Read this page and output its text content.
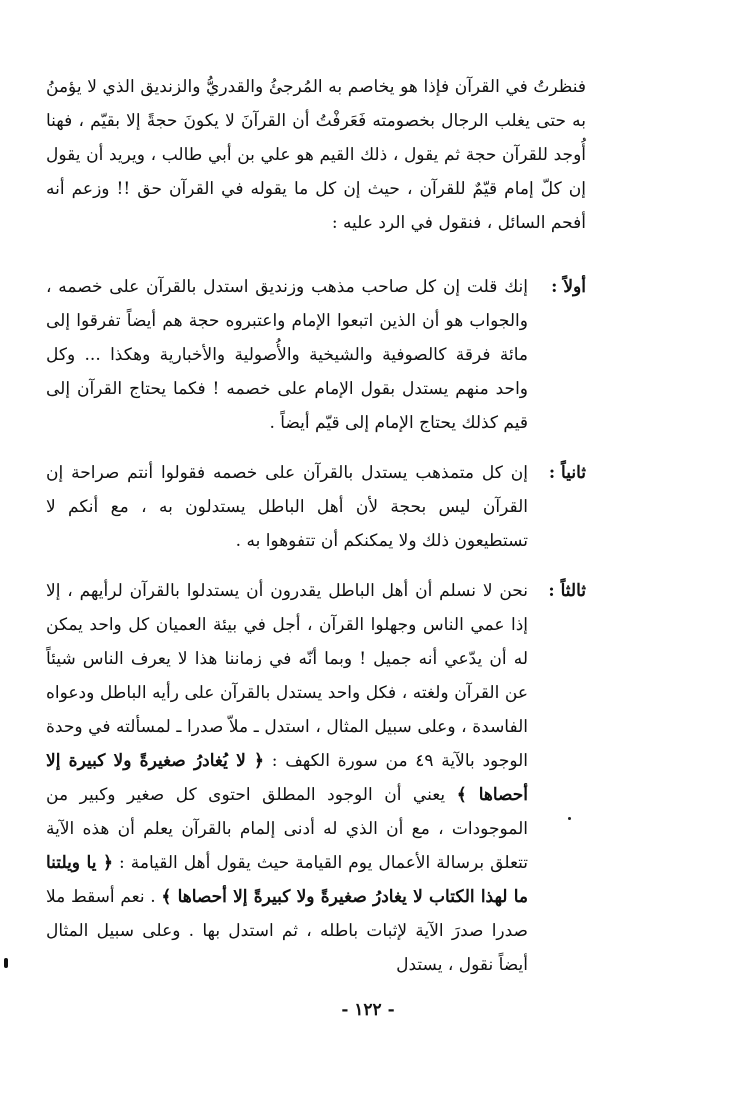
فنظرتُ في القرآن فإذا هو يخاصم به المُرجئُ والقدريُّ والزنديق الذي لا يؤمنُ به حتى يغلب الرجال بخصومته فَعَرفْتُ أن القرآنَ لا يكونَ حجةً إلا بقيّم ، فهنا أُوجد للقرآن حجة ثم يقول ، ذلك القيم هو علي بن أبي طالب ، ويريد أن يقول إن كلّ إمام قيّمٌ للقرآن ، حيث إن كل ما يقوله في القرآن حق !! وزعم أنه أفحم السائل ، فنقول في الرد عليه :

أولاً :
إنك قلت إن كل صاحب مذهب وزنديق استدل بالقرآن على خصمه ، والجواب هو أن الذين اتبعوا الإمام واعتبروه حجة هم أيضاً تفرقوا إلى مائة فرقة كالصوفية والشيخية والأُصولية والأخبارية وهكذا ... وكل واحد منهم يستدل بقول الإمام على خصمه ! فكما يحتاج القرآن إلى قيم كذلك يحتاج الإمام إلى قيّم أيضاً .
ثانياً :
إن كل متمذهب يستدل بالقرآن على خصمه فقولوا أنتم صراحة إن القرآن ليس بحجة لأن أهل الباطل يستدلون به ، مع أنكم لا تستطيعون ذلك ولا يمكنكم أن تتفوهوا به .
ثالثاً :
نحن لا نسلم أن أهل الباطل يقدرون أن يستدلوا بالقرآن لرأيهم ، إلا إذا عمي الناس وجهلوا القرآن ، أجل في بيئة العميان كل واحد يمكن له أن يدّعي أنه جميل ! وبما أنّه في زماننا هذا لا يعرف الناس شيئاً عن القرآن ولغته ، فكل واحد يستدل بالقرآن على رأيه الباطل ودعواه الفاسدة ، وعلى سبيل المثال ، استدل ـ ملاّ صدرا ـ لمسألته في وحدة الوجود بالآية ٤٩ من سورة الكهف : ﴿ لا يُغادرُ صغيرةً ولا كبيرة إلا أحصاها ﴾ يعني أن الوجود المطلق احتوى كل صغير وكبير من الموجودات ، مع أن الذي له أدنى إلمام بالقرآن يعلم أن هذه الآية تتعلق برسالة الأعمال يوم القيامة حيث يقول أهل القيامة : ﴿ يا ويلتنا ما لهذا الكتاب لا يغادرُ صغيرةً ولا كبيرةً إلا أحصاها ﴾ . نعم أسقط ملا صدرا صدرَ الآية لإثبات باطله ، ثم استدل بها . وعلى سبيل المثال أيضاً نقول ، يستدل
- ١٢٢ -
